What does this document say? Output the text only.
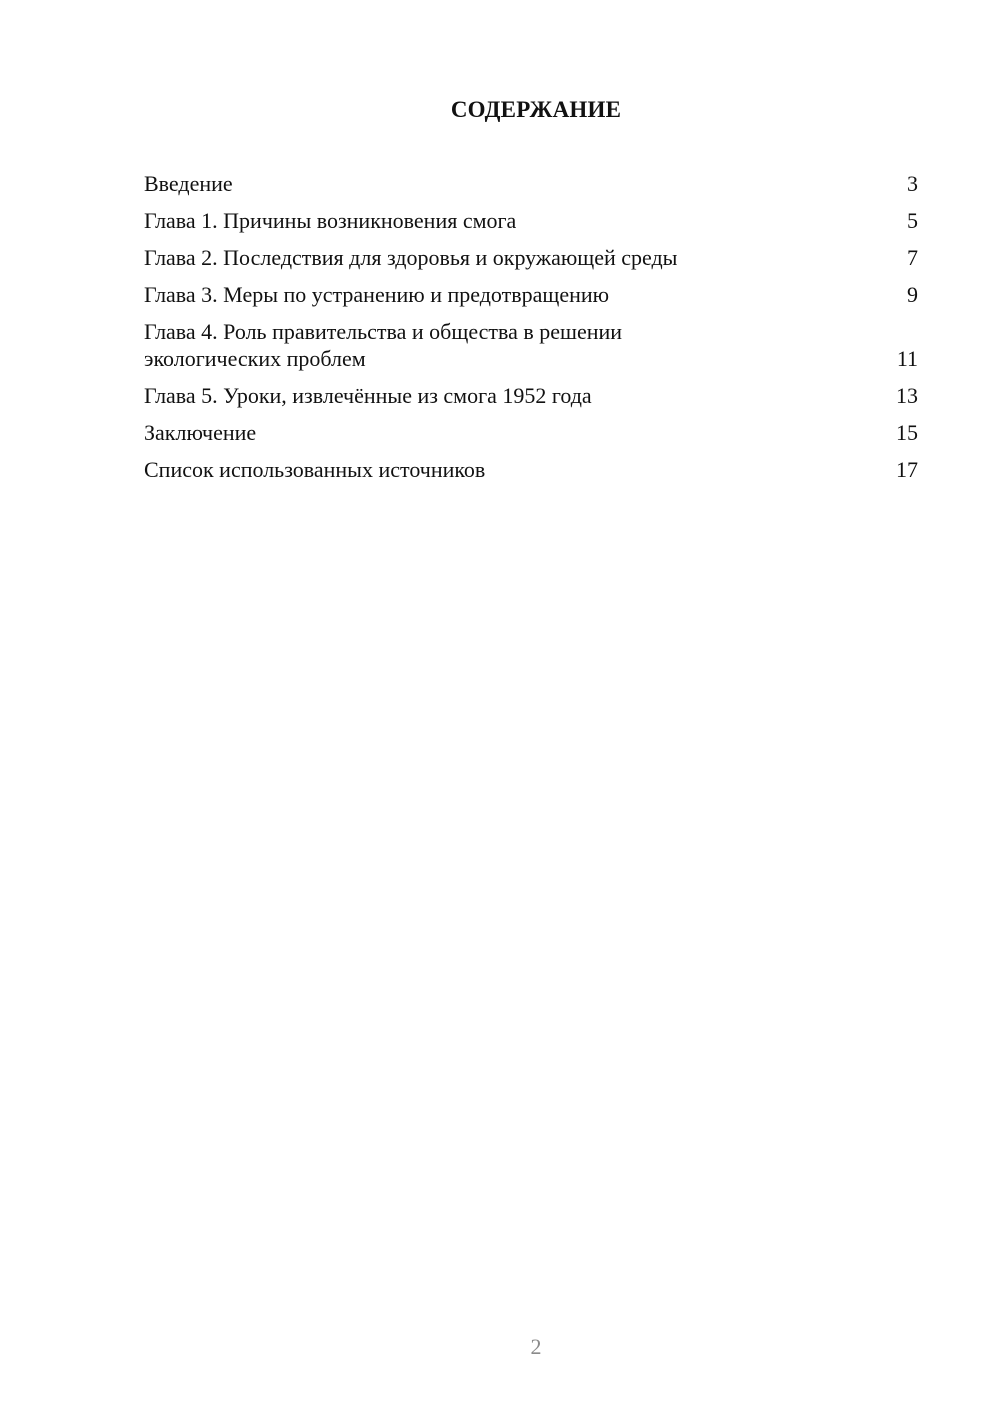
СОДЕРЖАНИЕ
Введение	3
Глава 1. Причины возникновения смога	5
Глава 2. Последствия для здоровья и окружающей среды	7
Глава 3. Меры по устранению и предотвращению	9
Глава 4. Роль правительства и общества в решении экологических проблем	11
Глава 5. Уроки, извлечённые из смога 1952 года	13
Заключение	15
Список использованных источников	17
2
